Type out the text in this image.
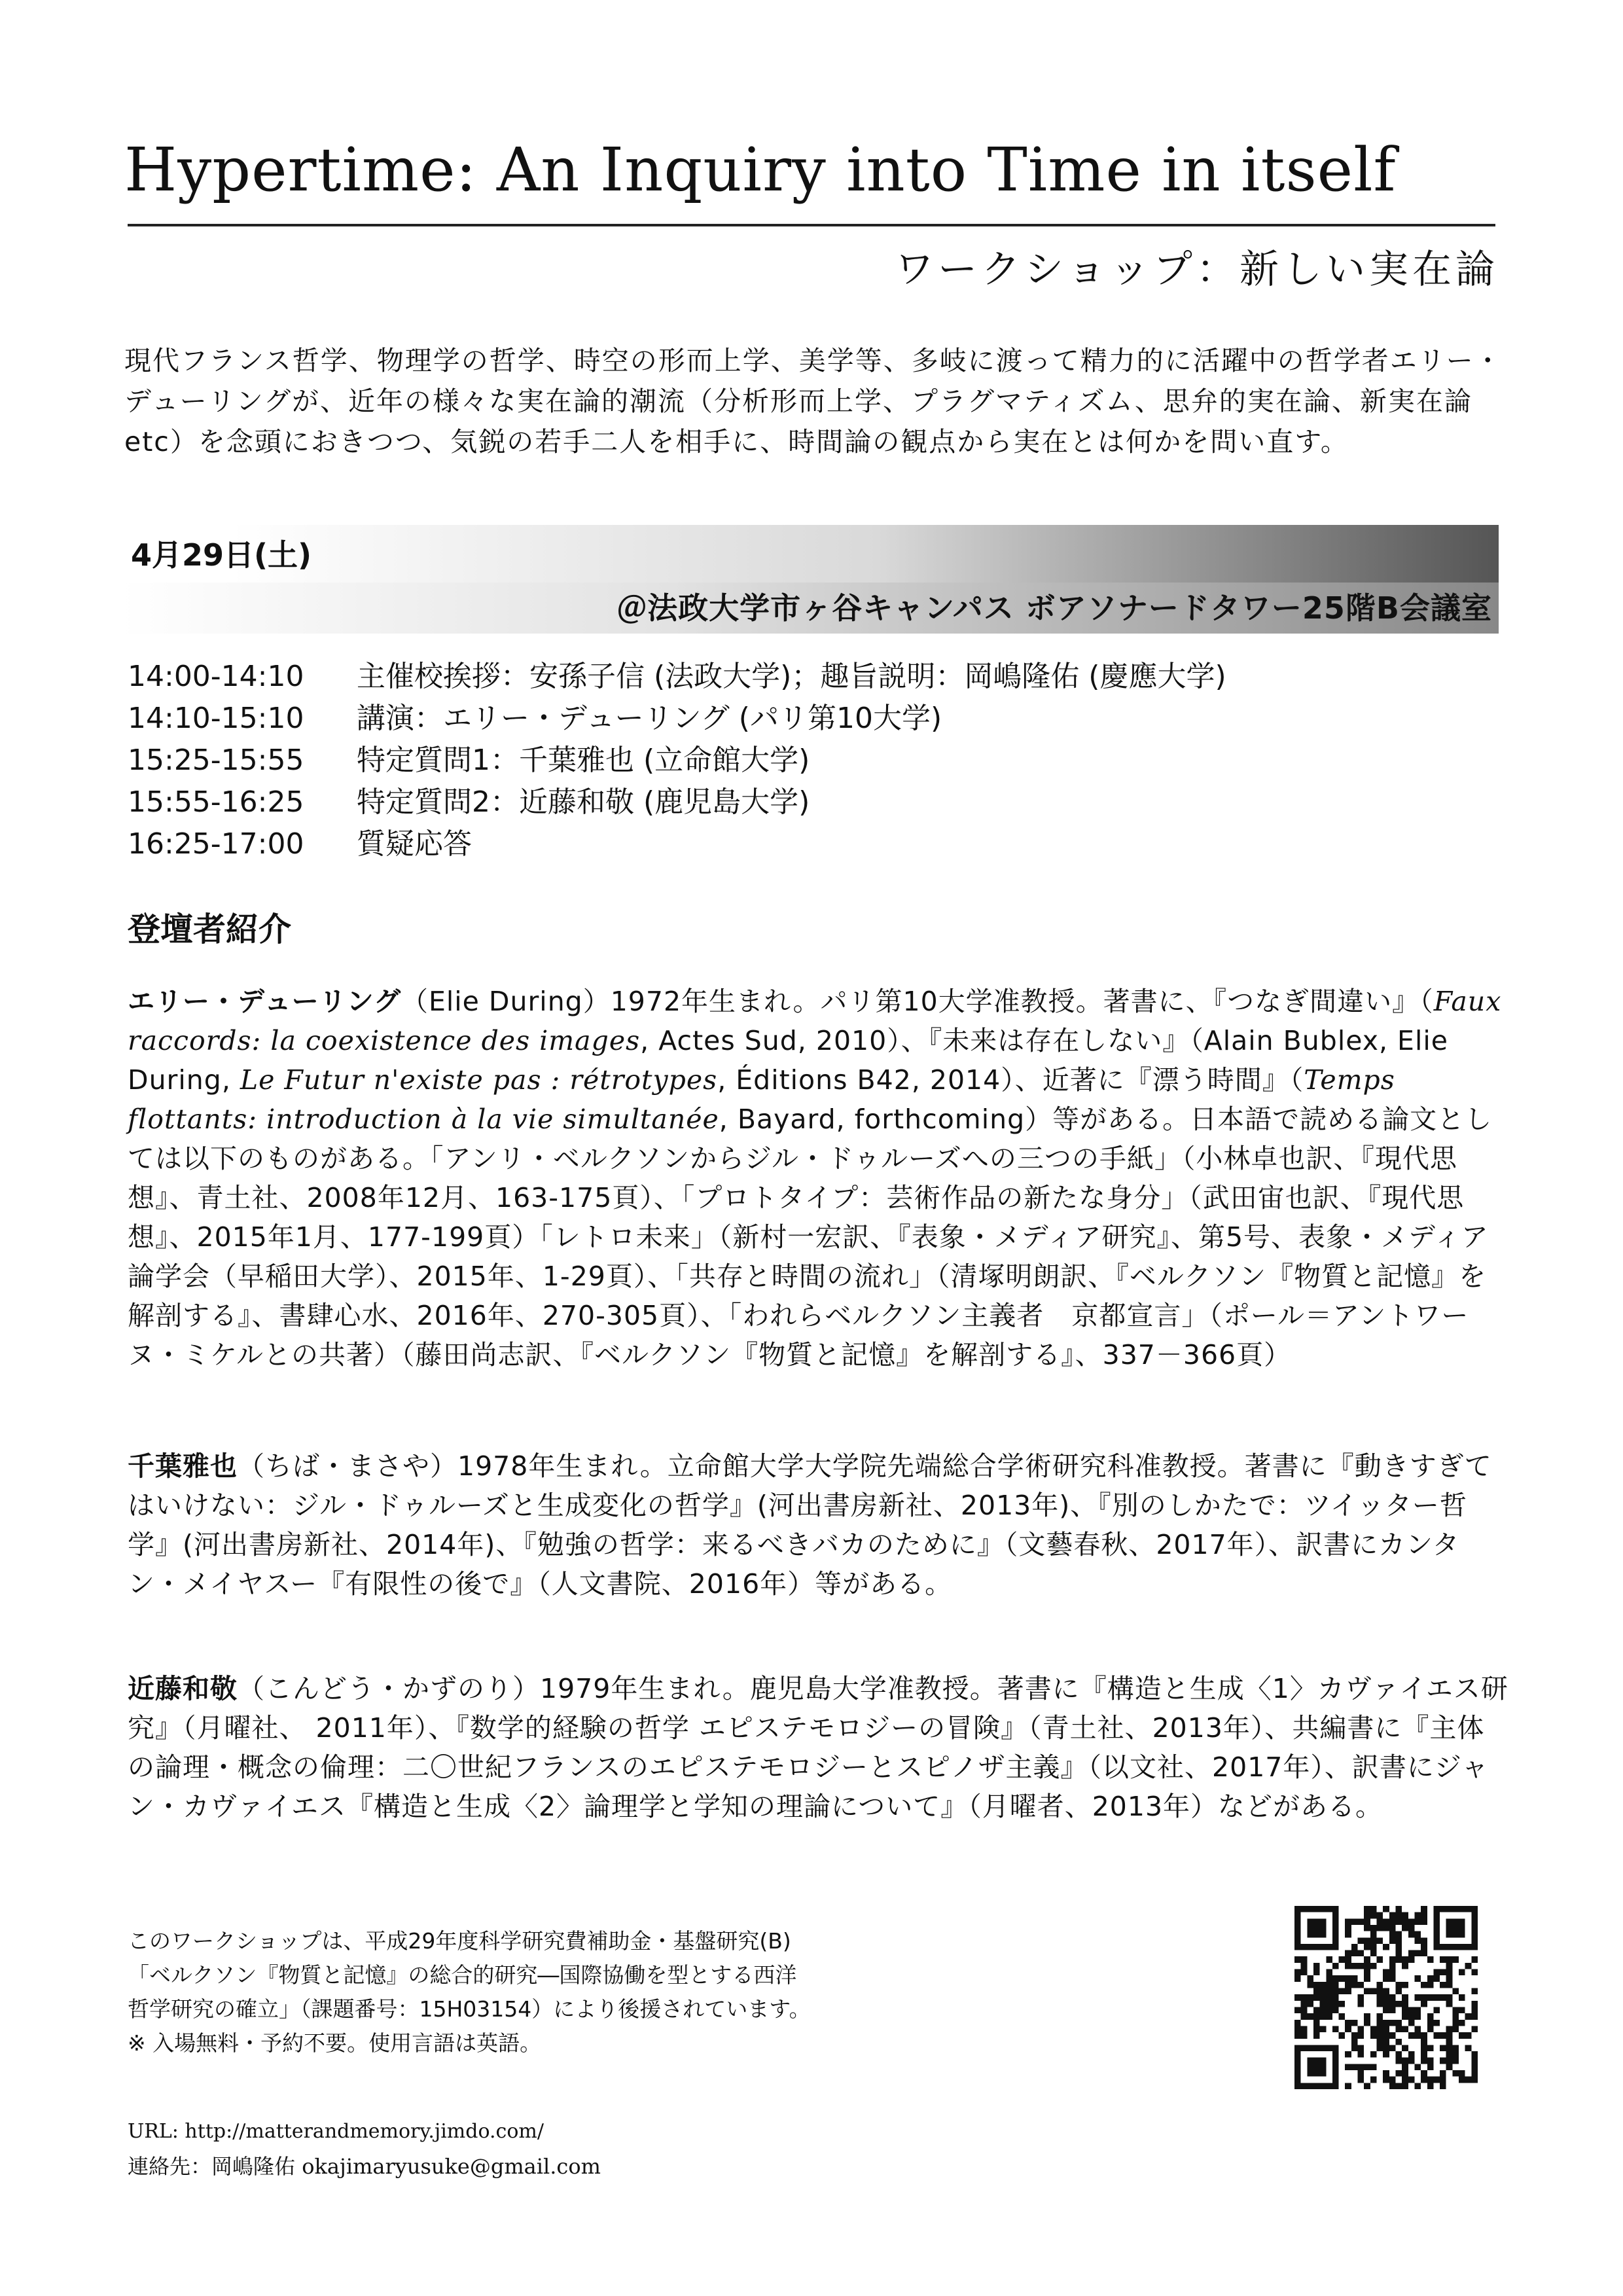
Hypertime: An Inquiry into Time in itself
ワークショップ：新しい実在論
現代フランス哲学、物理学の哲学、時空の形而上学、美学等、多岐に渡って精力的に活躍中の哲学者エリー・デューリングが、近年の様々な実在論的潮流（分析形而上学、プラグマティズム、思弁的実在論、新実在論 etc）を念頭におきつつ、気鋭の若手二人を相手に、時間論の観点から実在とは何かを問い直す。
4月29日(土)
＠法政大学市ヶ谷キャンパス ボアソナードタワー25階B会議室
14:00-14:10	主催校挨拶：安孫子信 (法政大学)；趣旨説明：岡嶋隆佑 (慶應大学)
14:10-15:10	講演：エリー・デューリング (パリ第10大学)
15:25-15:55	特定質問1：千葉雅也 (立命館大学)
15:55-16:25	特定質問2：近藤和敬 (鹿児島大学)
16:25-17:00	質疑応答
登壇者紹介
エリー・デューリング（Elie During）1972年生まれ。パリ第10大学准教授。著書に、『つなぎ間違い』（Faux raccords: la coexistence des images, Actes Sud, 2010）、『未来は存在しない』（Alain Bublex, Elie During, Le Futur n'existe pas : rétrotypes, Éditions B42, 2014）、近著に『漂う時間』（Temps flottants: introduction à la vie simultanée, Bayard, forthcoming）等がある。日本語で読める論文としては以下のものがある。「アンリ・ベルクソンからジル・ドゥルーズへの三つの手紙」（小林卓也訳、『現代思想』、青土社、2008年12月、163-175頁）、「プロトタイプ：芸術作品の新たな身分」（武田宙也訳、『現代思想』、2015年1月、177-199頁）「レトロ未来」（新村一宏訳、『表象・メディア研究』、第5号、表象・メディア論学会（早稲田大学）、2015年、1-29頁）、「共存と時間の流れ」（清塚明朗訳、『ベルクソン『物質と記憶』を解剖する』、書肆心水、2016年、270-305頁）、「われらベルクソン主義者　京都宣言」（ポール＝アントワーヌ・ミケルとの共著）（藤田尚志訳、『ベルクソン『物質と記憶』を解剖する』、337－366頁）
千葉雅也（ちば・まさや）1978年生まれ。立命館大学大学院先端総合学術研究科准教授。著書に『動きすぎてはいけない：ジル・ドゥルーズと生成変化の哲学』(河出書房新社、2013年)、『別のしかたで：ツイッター哲学』(河出書房新社、2014年)、『勉強の哲学：来るべきバカのために』（文藝春秋、2017年）、訳書にカンタン・メイヤスー『有限性の後で』（人文書院、2016年）等がある。
近藤和敬（こんどう・かずのり）1979年生まれ。鹿児島大学准教授。著書に『構造と生成〈1〉カヴァイエス研究』（月曜社、 2011年）、『数学的経験の哲学 エピステモロジーの冒険』（青土社、2013年）、共編書に『主体の論理・概念の倫理：二〇世紀フランスのエピステモロジーとスピノザ主義』（以文社、2017年）、訳書にジャン・カヴァイエス『構造と生成〈2〉論理学と学知の理論について』（月曜者、2013年）などがある。
このワークショップは、平成29年度科学研究費補助金・基盤研究(B)
「ベルクソン『物質と記憶』の総合的研究―国際協働を型とする西洋
哲学研究の確立」（課題番号：15H03154）により後援されています。
※ 入場無料・予約不要。使用言語は英語。
URL: http://matterandmemory.jimdo.com/
連絡先：岡嶋隆佑 okajimaryusuke@gmail.com
